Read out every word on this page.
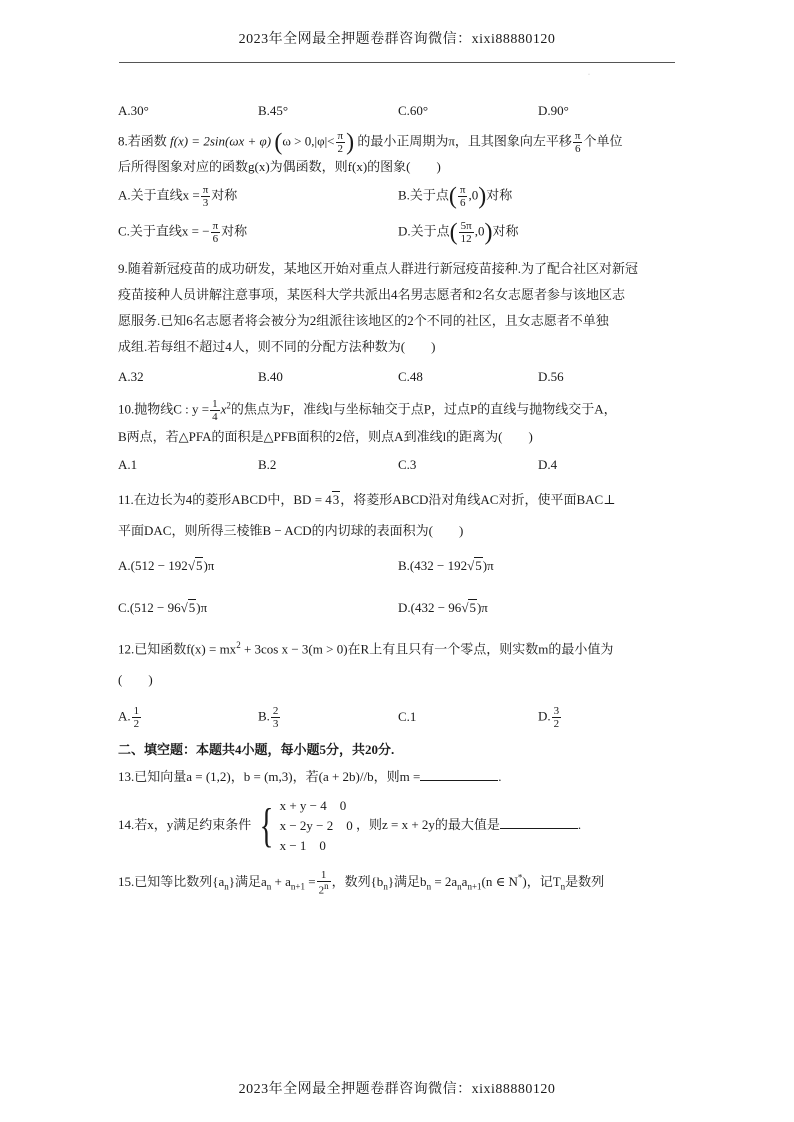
2023年全网最全押题卷群咨询微信：xixi88880120
·
A.30°	B.45°	C.60°	D.90°
8.若函数 f(x) = 2sin(ωx + φ) ($\omega > 0,|\varphi|< \frac{\pi}{2}$ ) 的最小正周期为π，且其图象向左平移 $\frac{\pi}{6}$ 个单位
后所得图象对应的函数g(x)为偶函数，则f(x)的图象(　　)
A.关于直线$x = \frac{\pi}{3}$ 对称	B.关于点( $\frac{\pi}{6} ,0$)对称
C.关于直线x = − $\frac{\pi}{6}$ 对称	D.关于点( $\frac{5\pi}{12} ,0$)对称
9.随着新冠疫苗的成功研发，某地区开始对重点人群进行新冠疫苗接种.为了配合社区对新冠
疫苗接种人员讲解注意事项，某医科大学共派出4名男志愿者和2名女志愿者参与该地区志
愿服务.已知6名志愿者将会被分为2组派往该地区的2个不同的社区，且女志愿者不单独
成组.若每组不超过4人，则不同的分配方法种数为(　　)
A.32	B.40	C.48	D.56
10.抛物线C : $y = \frac{1}{4} x^2$的焦点为F，准线l与坐标轴交于点P，过点P的直线与抛物线交于A，
B两点，若△PFA的面积是△PFB面积的2倍，则点A到准线l的距离为(　　)
A.1	B.2	C.3	D.4
11.在边长为4的菱形ABCD中，BD = 43，将菱形ABCD沿对角线AC对折，使平面BAC⊥
平面DAC，则所得三棱锥B − ACD的内切球的表面积为(　　)
A.(512 − 192√5)π	B.(432 − 192√5)π
C.(512 − 96√5)π	D.(432 − 96√5)π
12.已知函数$f(x) = mx^2 + 3\cos$ x − 3(m > 0)在R上有且只有一个零点，则实数m的最小值为
(　　)
A. $\frac{1}{2}$	B. $\frac{2}{3}$	C.1	D. $\frac{3}{2}$
二、填空题：本题共4小题，每小题5分，共20分.
13.已知向量a = (1,2)，b = (m,3)，若(a + 2b)//b，则m =	.
14.若x，y满足约束条件 { x + y − 4　0
x − 2y − 2　0
x − 1　0
，则z = x + 2y的最大值是	.
15.已知等比数列$\{a_n\}$满足$a_n + a_{n+1} = \frac{1}{2^n}$ ，数列$\{b_n\}$满足$b_n = 2a_na_{n+1}(n$ ∈ N*)，记$T_n$是数列
2023年全网最全押题卷群咨询微信：xixi88880120
